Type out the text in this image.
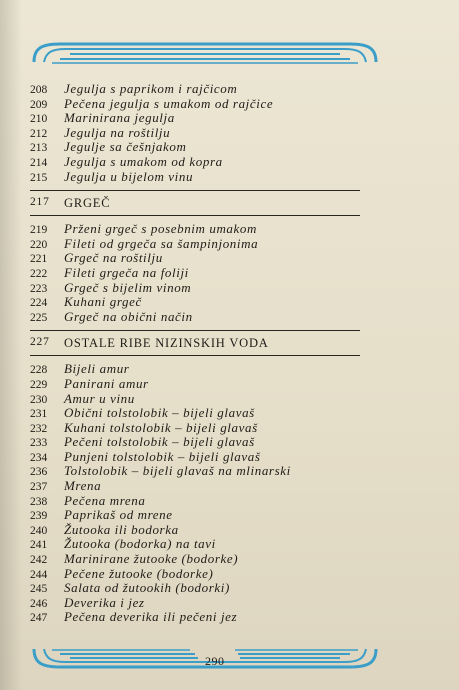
208	Jegulja s paprikom i rajčicom
209	Pečena jegulja s umakom od rajčice
210	Marinirana jegulja
212	Jegulja na roštilju
213	Jegulje sa češnjakom
214	Jegulja s umakom od kopra
215	Jegulja u bijelom vinu
217	GRGEČ
219	Prženi grgeč s posebnim umakom
220	Fileti od grgeča sa šampinjonima
221	Grgeč na roštilju
222	Fileti grgeča na foliji
223	Grgeč s bijelim vinom
224	Kuhani grgeč
225	Grgeč na obični način
227	OSTALE RIBE NIZINSKIH VODA
228	Bijeli amur
229	Panirani amur
230	Amur u vinu
231	Obični tolstolobik – bijeli glavaš
232	Kuhani tolstolobik – bijeli glavaš
233	Pečeni tolstolobik – bijeli glavaš
234	Punjeni tolstolobik – bijeli glavaš
236	Tolstolobik – bijeli glavaš na mlinarski
237	Mrena
238	Pečena mrena
239	Paprikaš od mrene
240	Žutooka ili bodorka
241	Žutooka (bodorka) na tavi
242	Marinirane žutooke (bodorke)
244	Pečene žutooke (bodorke)
245	Salata od žutookih (bodorki)
246	Deverika i jez
247	Pečena deverika ili pečeni jez
290
